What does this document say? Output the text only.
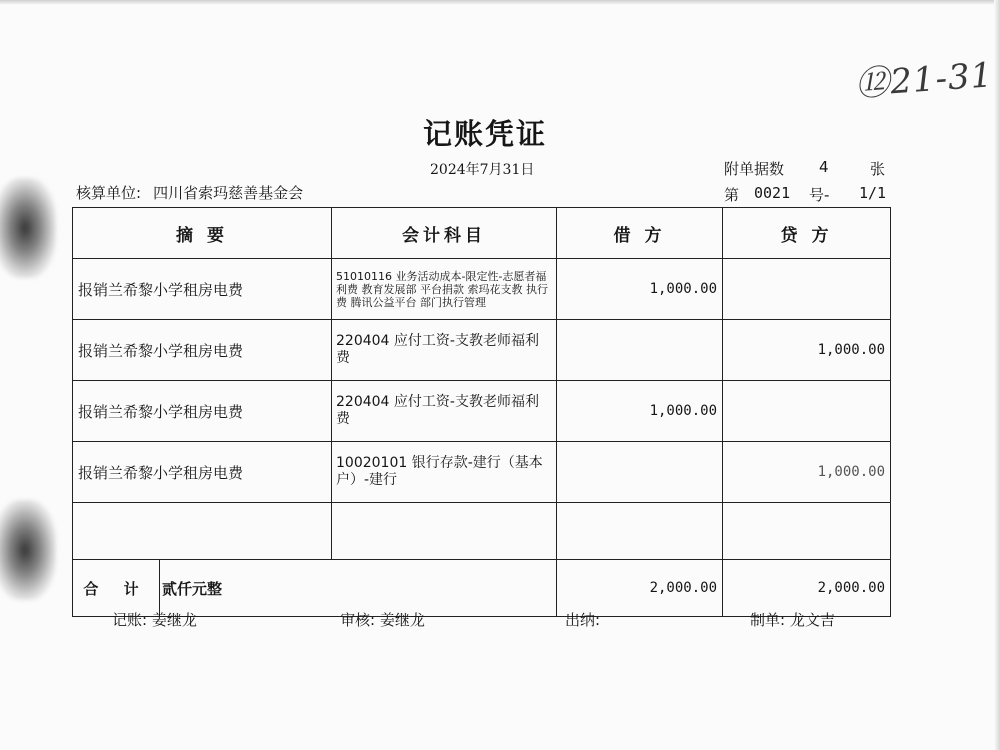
⑫21-31
记账凭证
2024年7月31日	附单据数 4	张
核算单位: 四川省索玛慈善基金会	第 0021 号- 1/1
摘 要	会计科目	借 方	贷 方
报销兰希黎小学租房电费	51010116 业务活动成本-限定性-志愿者福利费 教育发展部 平台捐款 索玛花支教 执行费 腾讯公益平台 部门执行管理	1,000.00	
报销兰希黎小学租房电费	220404 应付工资-支教老师福利费		1,000.00
报销兰希黎小学租房电费	220404 应付工资-支教老师福利费	1,000.00	
报销兰希黎小学租房电费	10020101 银行存款-建行（基本户）-建行		1,000.00

合 计 贰仟元整		2,000.00	2,000.00
记账: 姜继龙	审核: 姜继龙	出纳:	制单: 龙文吉
